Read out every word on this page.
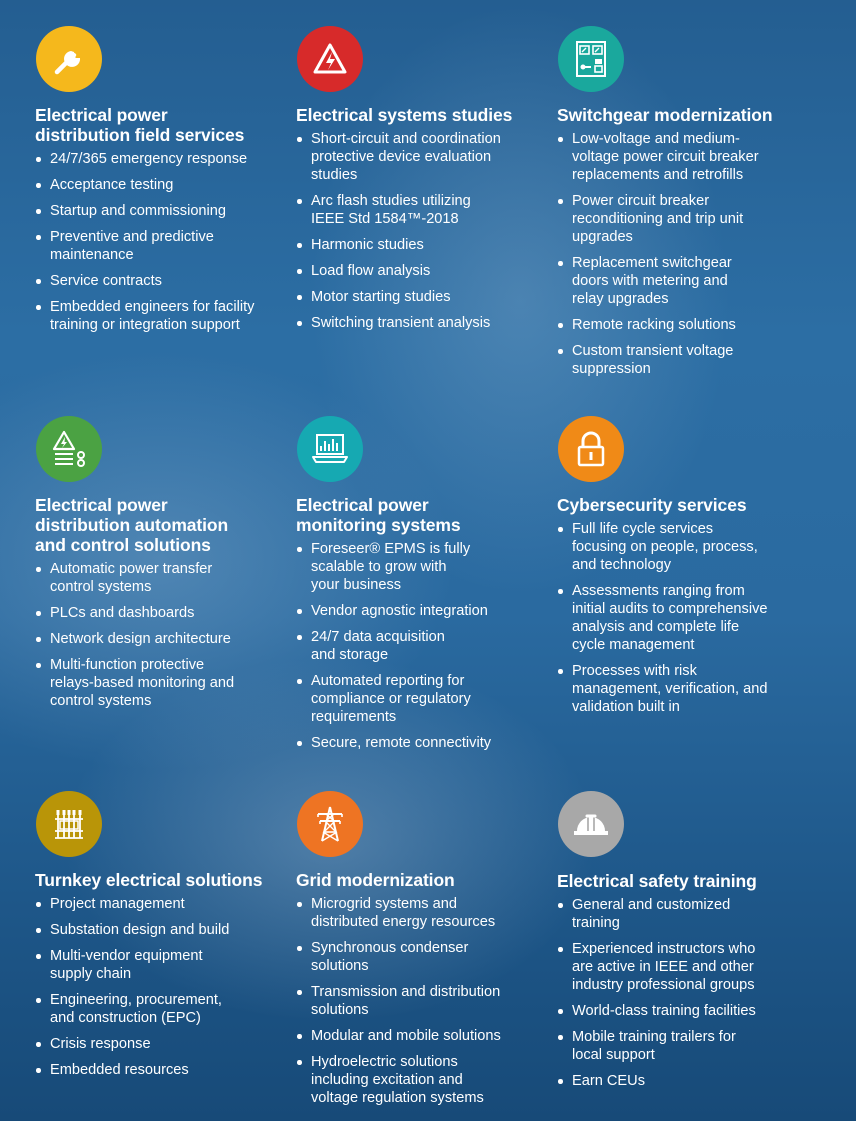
Electrical power
distribution field services
24/7/365 emergency response
Acceptance testing
Startup and commissioning
Preventive and predictive
maintenance
Service contracts
Embedded engineers for facility
training or integration support
Electrical systems studies
Short-circuit and coordination
protective device evaluation
studies
Arc flash studies utilizing
IEEE Std 1584™-2018
Harmonic studies
Load flow analysis
Motor starting studies
Switching transient analysis
Switchgear modernization
Low-voltage and medium-
voltage power circuit breaker
replacements and retrofills
Power circuit breaker
reconditioning and trip unit
upgrades
Replacement switchgear
doors with metering and
relay upgrades
Remote racking solutions
Custom transient voltage
suppression
Electrical power
distribution automation
and control solutions
Automatic power transfer
control systems
PLCs and dashboards
Network design architecture
Multi-function protective
relays-based monitoring and
control systems
Electrical power
monitoring systems
Foreseer® EPMS is fully
scalable to grow with
your business
Vendor agnostic integration
24/7 data acquisition
and storage
Automated reporting for
compliance or regulatory
requirements
Secure, remote connectivity
Cybersecurity services
Full life cycle services
focusing on people, process,
and technology
Assessments ranging from
initial audits to comprehensive
analysis and complete life
cycle management
Processes with risk
management, verification, and
validation built in
Turnkey electrical solutions
Project management
Substation design and build
Multi-vendor equipment
supply chain
Engineering, procurement,
and construction (EPC)
Crisis response
Embedded resources
Grid modernization
Microgrid systems and
distributed energy resources
Synchronous condenser
solutions
Transmission and distribution
solutions
Modular and mobile solutions
Hydroelectric solutions
including excitation and
voltage regulation systems
Electrical safety training
General and customized
training
Experienced instructors who
are active in IEEE and other
industry professional groups
World-class training facilities
Mobile training trailers for
local support
Earn CEUs
